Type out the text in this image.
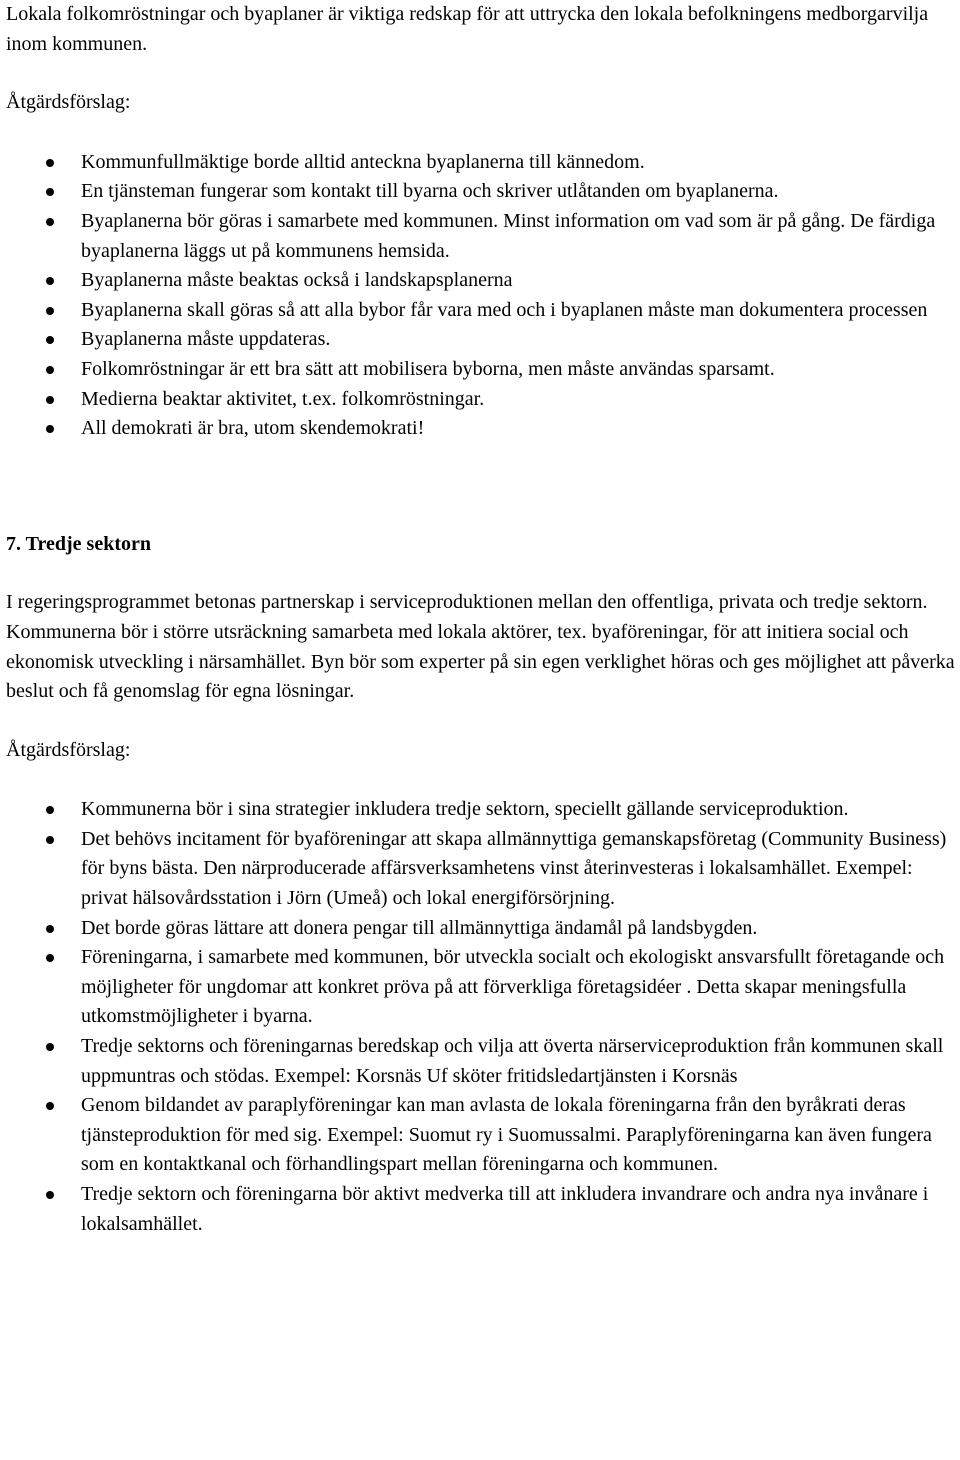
Lokala folkomröstningar och byaplaner är viktiga redskap för att uttrycka den lokala befolkningens medborgarvilja inom kommunen.

Åtgärdsförslag:

Kommunfullmäktige borde alltid anteckna byaplanerna till kännedom.
En tjänsteman fungerar som kontakt till byarna och skriver utlåtanden om byaplanerna.
Byaplanerna bör göras i samarbete med kommunen. Minst information om vad som är på gång. De färdiga byaplanerna läggs ut på kommunens hemsida.
Byaplanerna måste beaktas också i landskapsplanerna
Byaplanerna skall göras så att alla bybor får vara med och i byaplanen måste man dokumentera processen
Byaplanerna måste uppdateras.
Folkomröstningar är ett bra sätt att mobilisera byborna, men måste användas sparsamt.
Medierna beaktar aktivitet, t.ex. folkomröstningar.
All demokrati är bra, utom skendemokrati!

7. Tredje sektorn

I regeringsprogrammet betonas partnerskap i serviceproduktionen mellan den offentliga, privata och tredje sektorn. Kommunerna bör i större utsräckning samarbeta med lokala aktörer, tex. byaföreningar, för att initiera social och ekonomisk utveckling i närsamhället. Byn bör som experter på sin egen verklighet höras och ges möjlighet att påverka beslut och få genomslag för egna lösningar.

Åtgärdsförslag:

Kommunerna bör i sina strategier inkludera tredje sektorn, speciellt gällande serviceproduktion.
Det behövs incitament för byaföreningar att skapa allmännyttiga gemanskapsföretag (Community Business) för byns bästa. Den närproducerade affärsverksamhetens vinst återinvesteras i lokalsamhället. Exempel: privat hälsovårdsstation i Jörn (Umeå) och lokal energiförsörjning.
Det borde göras lättare att donera pengar till allmännyttiga ändamål på landsbygden.
Föreningarna, i samarbete med kommunen, bör utveckla socialt och ekologiskt ansvarsfullt företagande och möjligheter för ungdomar att konkret pröva på att förverkliga företagsidéer . Detta skapar meningsfulla utkomstmöjligheter i byarna.
Tredje sektorns och föreningarnas beredskap och vilja att överta närserviceproduktion från kommunen skall uppmuntras och stödas. Exempel: Korsnäs Uf sköter fritidsledartjänsten i Korsnäs
Genom bildandet av paraplyföreningar kan man avlasta de lokala föreningarna från den byråkrati deras tjänsteproduktion för med sig. Exempel: Suomut ry i Suomussalmi. Paraplyföreningarna kan även fungera som en kontaktkanal och förhandlingspart mellan föreningarna och kommunen.
Tredje sektorn och föreningarna bör aktivt medverka till att inkludera invandrare och andra nya invånare i lokalsamhället.
